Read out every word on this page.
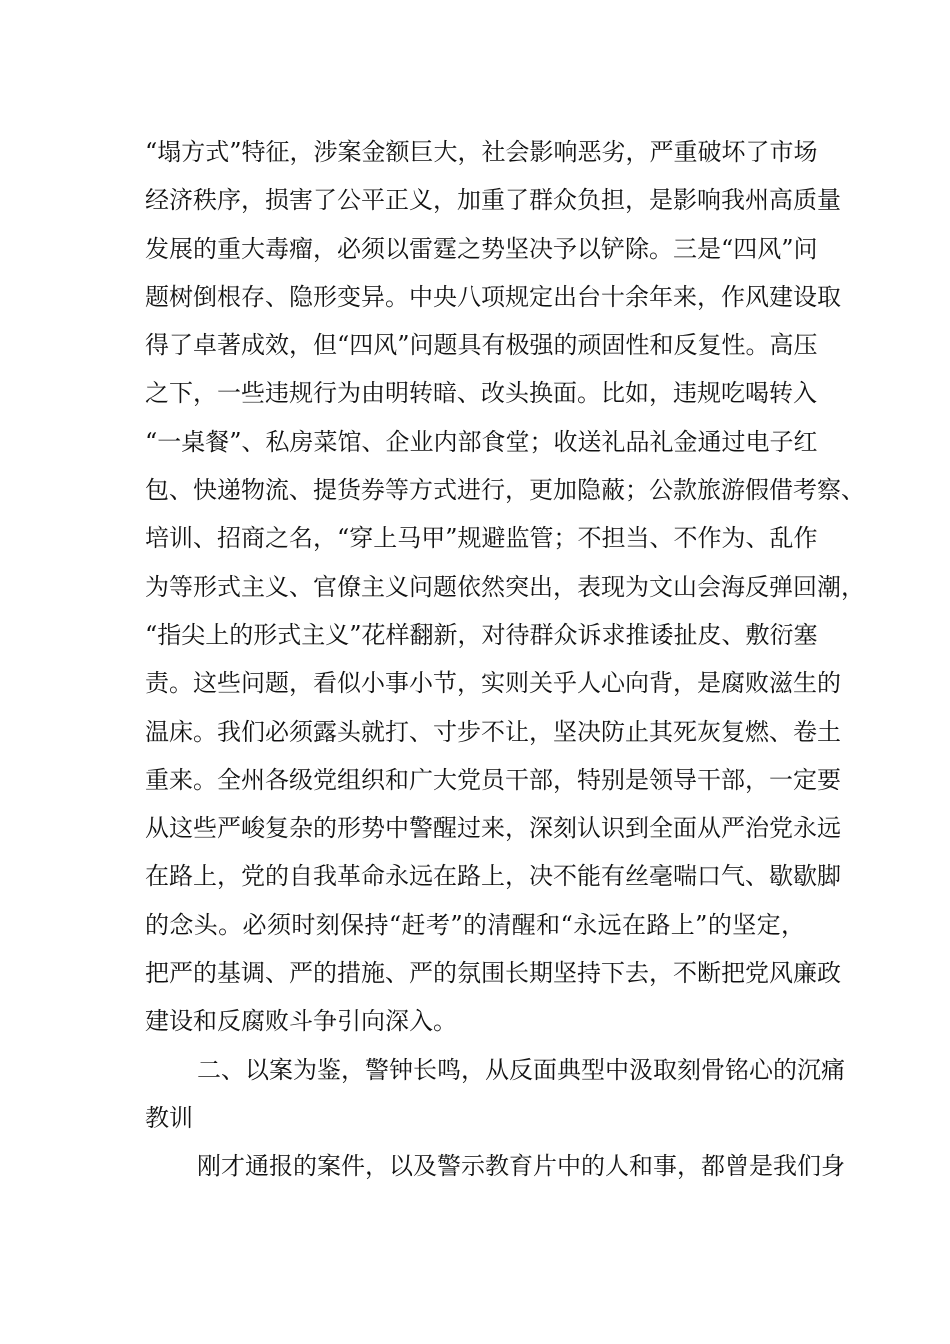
“塌方式”特征，涉案金额巨大，社会影响恶劣，严重破坏了市场
经济秩序，损害了公平正义，加重了群众负担，是影响我州高质量
发展的重大毒瘤，必须以雷霆之势坚决予以铲除。三是“四风”问
题树倒根存、隐形变异。中央八项规定出台十余年来，作风建设取
得了卓著成效，但“四风”问题具有极强的顽固性和反复性。高压
之下，一些违规行为由明转暗、改头换面。比如，违规吃喝转入
“一桌餐”、私房菜馆、企业内部食堂；收送礼品礼金通过电子红
包、快递物流、提货券等方式进行，更加隐蔽；公款旅游假借考察、
培训、招商之名，“穿上马甲”规避监管；不担当、不作为、乱作
为等形式主义、官僚主义问题依然突出，表现为文山会海反弹回潮，
“指尖上的形式主义”花样翻新，对待群众诉求推诿扯皮、敷衍塞
责。这些问题，看似小事小节，实则关乎人心向背，是腐败滋生的
温床。我们必须露头就打、寸步不让，坚决防止其死灰复燃、卷土
重来。全州各级党组织和广大党员干部，特别是领导干部，一定要
从这些严峻复杂的形势中警醒过来，深刻认识到全面从严治党永远
在路上，党的自我革命永远在路上，决不能有丝毫喘口气、歇歇脚
的念头。必须时刻保持“赶考”的清醒和“永远在路上”的坚定，
把严的基调、严的措施、严的氛围长期坚持下去，不断把党风廉政
建设和反腐败斗争引向深入。
二、以案为鉴，警钟长鸣，从反面典型中汲取刻骨铭心的沉痛
教训
刚才通报的案件，以及警示教育片中的人和事，都曾是我们身
